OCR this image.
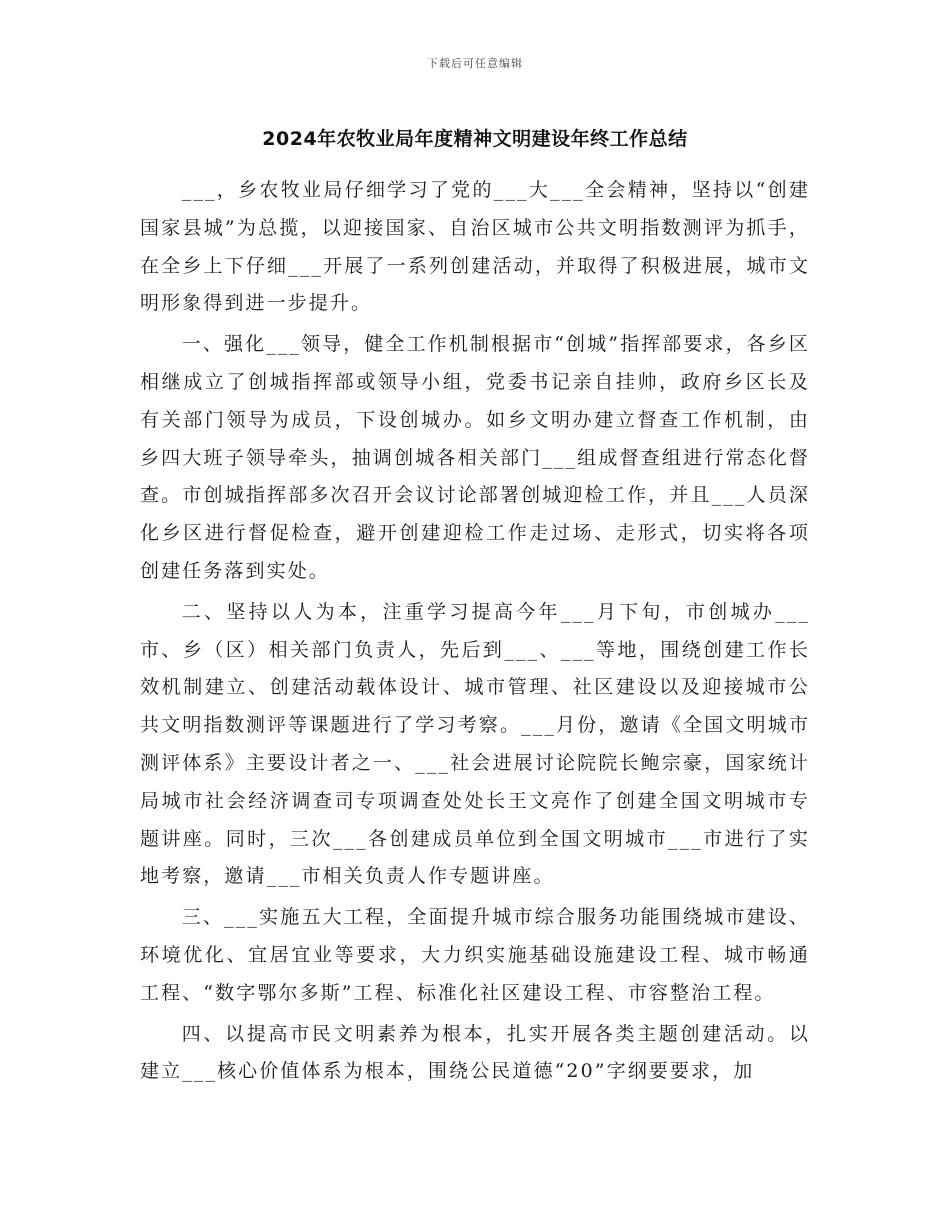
下载后可任意编辑
2024年农牧业局年度精神文明建设年终工作总结

___，乡农牧业局仔细学习了党的___大___全会精神，坚持以“创建国家县城”为总揽，以迎接国家、自治区城市公共文明指数测评为抓手，在全乡上下仔细___开展了一系列创建活动，并取得了积极进展，城市文明形象得到进一步提升。

一、强化___领导，健全工作机制根据市“创城”指挥部要求，各乡区相继成立了创城指挥部或领导小组，党委书记亲自挂帅，政府乡区长及有关部门领导为成员，下设创城办。如乡文明办建立督查工作机制，由乡四大班子领导牵头，抽调创城各相关部门___组成督查组进行常态化督查。市创城指挥部多次召开会议讨论部署创城迎检工作，并且___人员深化乡区进行督促检查，避开创建迎检工作走过场、走形式，切实将各项创建任务落到实处。

二、坚持以人为本，注重学习提高今年___月下旬，市创城办___市、乡（区）相关部门负责人，先后到___、___等地，围绕创建工作长效机制建立、创建活动载体设计、城市管理、社区建设以及迎接城市公共文明指数测评等课题进行了学习考察。___月份，邀请《全国文明城市测评体系》主要设计者之一、___社会进展讨论院院长鲍宗豪，国家统计局城市社会经济调查司专项调查处处长王文亮作了创建全国文明城市专题讲座。同时，三次___各创建成员单位到全国文明城市___市进行了实地考察，邀请___市相关负责人作专题讲座。

三、___实施五大工程，全面提升城市综合服务功能围绕城市建设、环境优化、宜居宜业等要求，大力织实施基础设施建设工程、城市畅通工程、“数字鄂尔多斯”工程、标准化社区建设工程、市容整治工程。

四、以提高市民文明素养为根本，扎实开展各类主题创建活动。以建立___核心价值体系为根本，围绕公民道德“20”字纲要要求，加
